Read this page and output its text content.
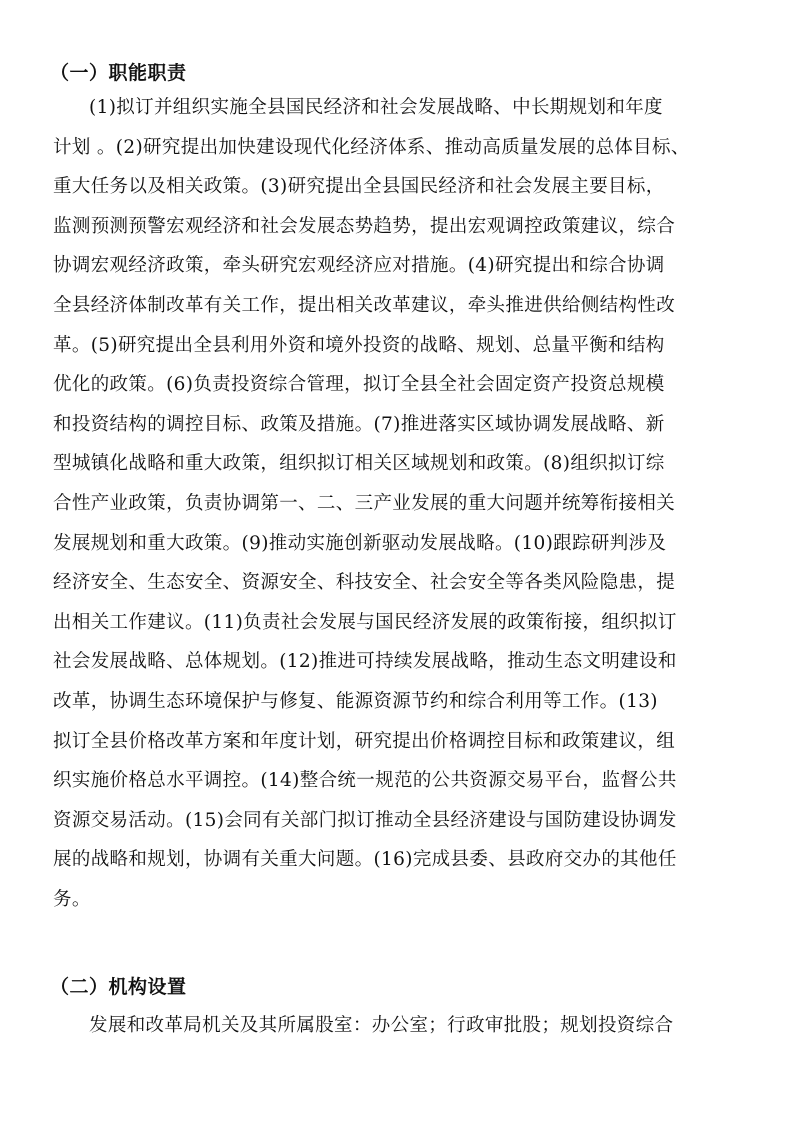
（一）职能职责
(1)拟订并组织实施全县国民经济和社会发展战略、中长期规划和年度
计划 。(2)研究提出加快建设现代化经济体系、推动高质量发展的总体目标、
重大任务以及相关政策。(3)研究提出全县国民经济和社会发展主要目标，
监测预测预警宏观经济和社会发展态势趋势，提出宏观调控政策建议，综合
协调宏观经济政策，牵头研究宏观经济应对措施。(4)研究提出和综合协调
全县经济体制改革有关工作，提出相关改革建议，牵头推进供给侧结构性改
革。(5)研究提出全县利用外资和境外投资的战略、规划、总量平衡和结构
优化的政策。(6)负责投资综合管理，拟订全县全社会固定资产投资总规模
和投资结构的调控目标、政策及措施。(7)推进落实区域协调发展战略、新
型城镇化战略和重大政策，组织拟订相关区域规划和政策。(8)组织拟订综
合性产业政策，负责协调第一、二、三产业发展的重大问题并统筹衔接相关
发展规划和重大政策。(9)推动实施创新驱动发展战略。(10)跟踪研判涉及
经济安全、生态安全、资源安全、科技安全、社会安全等各类风险隐患，提
出相关工作建议。(11)负责社会发展与国民经济发展的政策衔接，组织拟订
社会发展战略、总体规划。(12)推进可持续发展战略，推动生态文明建设和
改革，协调生态环境保护与修复、能源资源节约和综合利用等工作。(13)
拟订全县价格改革方案和年度计划，研究提出价格调控目标和政策建议，组
织实施价格总水平调控。(14)整合统一规范的公共资源交易平台，监督公共
资源交易活动。(15)会同有关部门拟订推动全县经济建设与国防建设协调发
展的战略和规划，协调有关重大问题。(16)完成县委、县政府交办的其他任
务。
（二）机构设置
发展和改革局机关及其所属股室：办公室；行政审批股；规划投资综合
